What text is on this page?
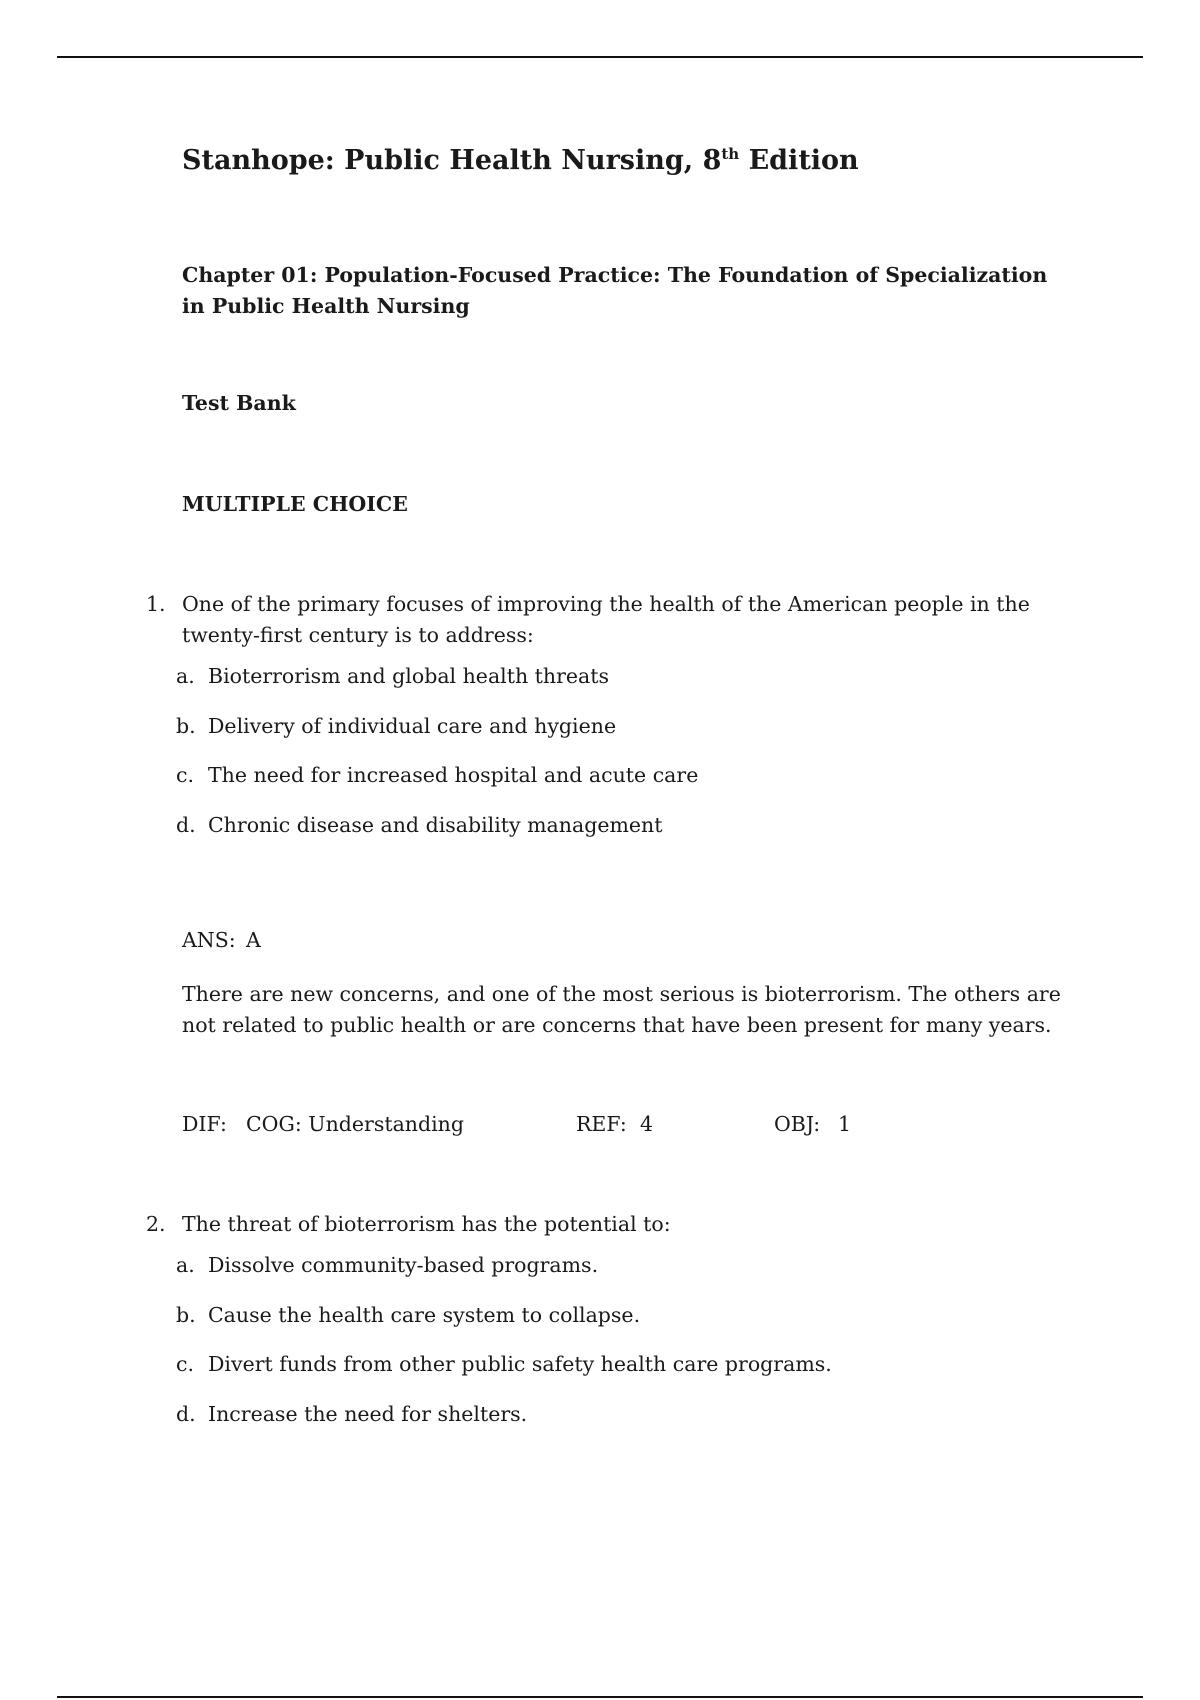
Stanhope: Public Health Nursing, 8th Edition
Chapter 01: Population-Focused Practice: The Foundation of Specialization in Public Health Nursing

Test Bank

MULTIPLE CHOICE

1. One of the primary focuses of improving the health of the American people in the twenty-first century is to address:
a. Bioterrorism and global health threats
b. Delivery of individual care and hygiene
c. The need for increased hospital and acute care
d. Chronic disease and disability management
ANS: A

There are new concerns, and one of the most serious is bioterrorism. The others are not related to public health or are concerns that have been present for many years.

DIF: COG: Understanding	REF: 4	OBJ: 1
2. The threat of bioterrorism has the potential to:
a. Dissolve community-based programs.
b. Cause the health care system to collapse.
c. Divert funds from other public safety health care programs.
d. Increase the need for shelters.
